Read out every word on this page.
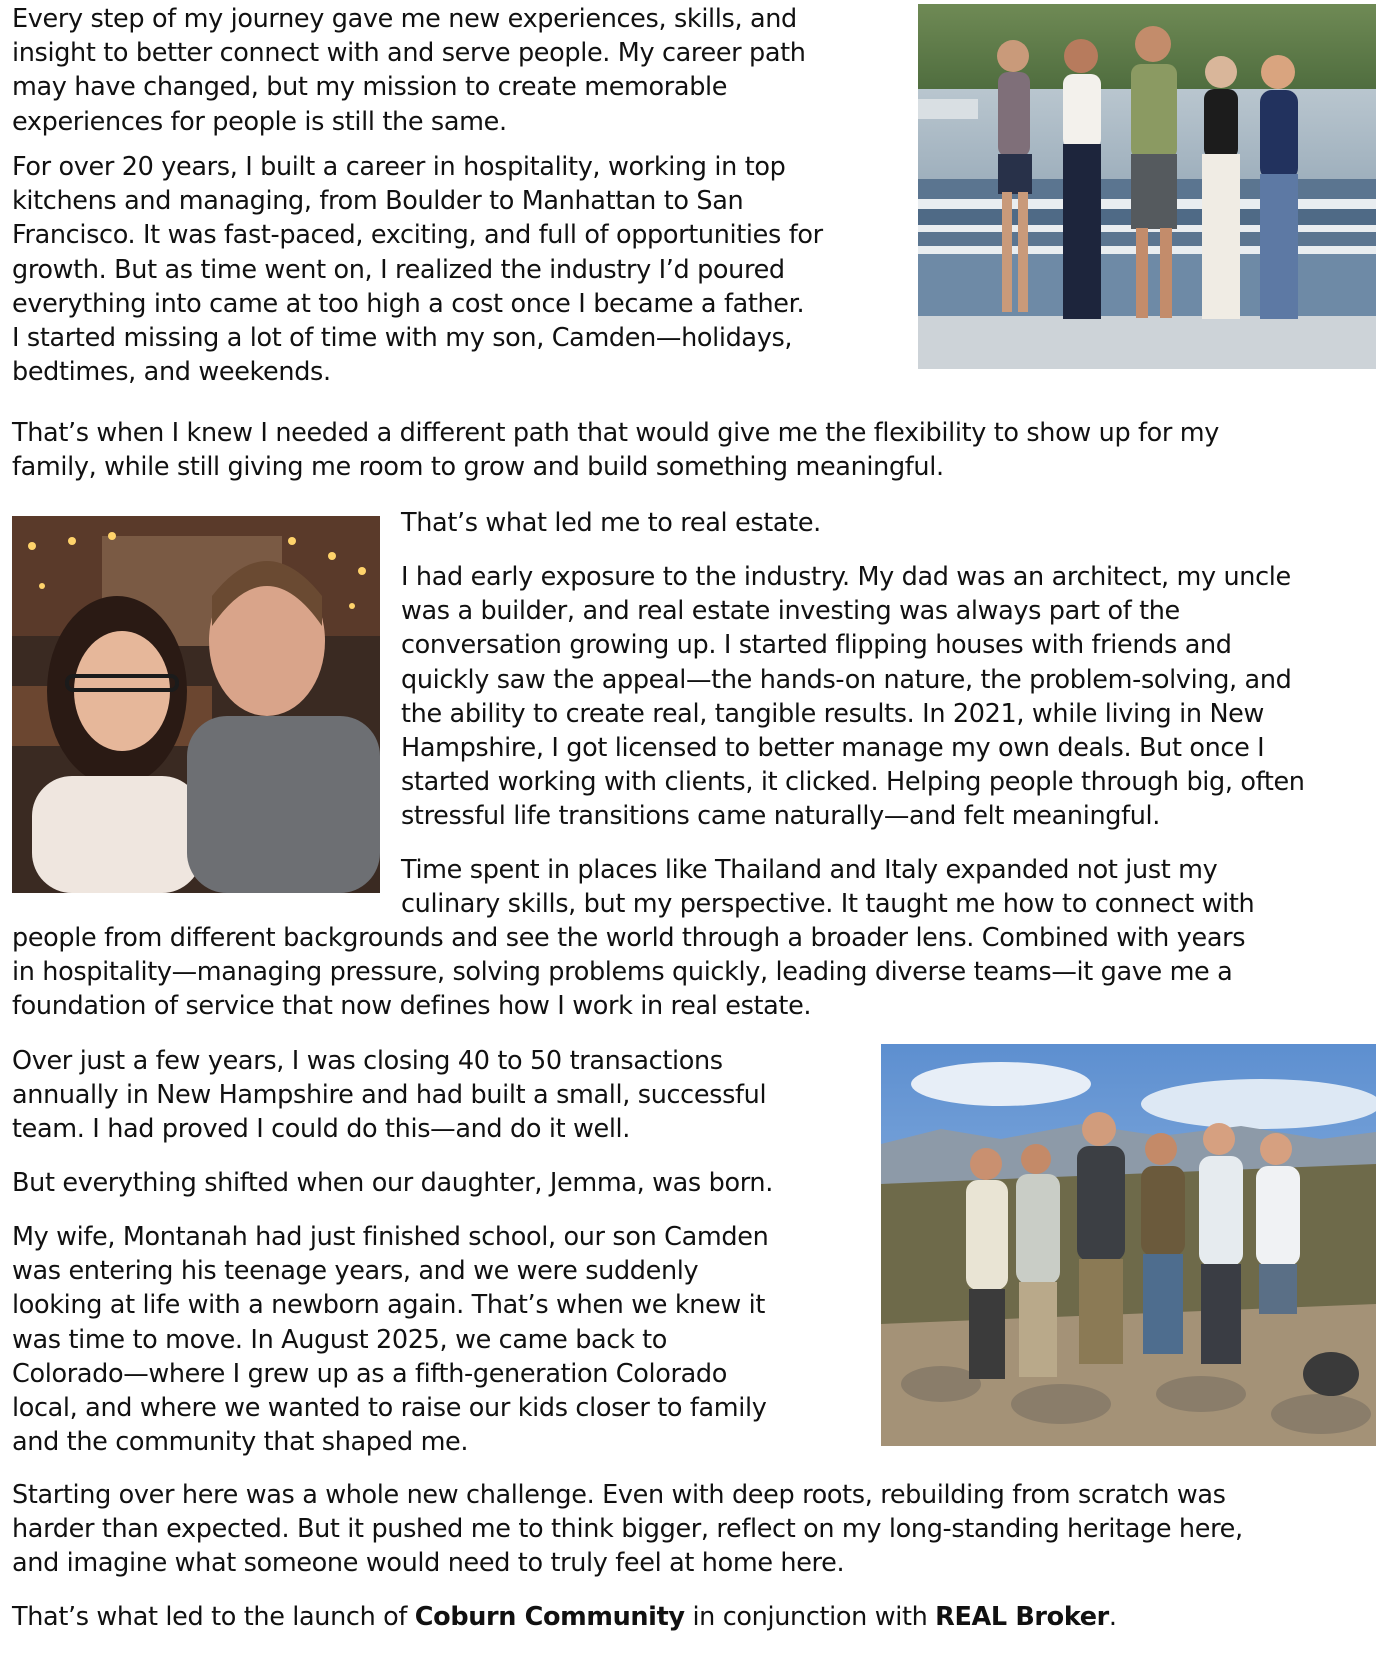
Every step of my journey gave me new experiences, skills, and
insight to better connect with and serve people. My career path
may have changed, but my mission to create memorable
experiences for people is still the same.
For over 20 years, I built a career in hospitality, working in top
kitchens and managing, from Boulder to Manhattan to San
Francisco. It was fast-paced, exciting, and full of opportunities for
growth. But as time went on, I realized the industry I’d poured
everything into came at too high a cost once I became a father.
I started missing a lot of time with my son, Camden—holidays,
bedtimes, and weekends.
That’s when I knew I needed a different path that would give me the flexibility to show up for my
family, while still giving me room to grow and build something meaningful.
That’s what led me to real estate.
I had early exposure to the industry. My dad was an architect, my uncle
was a builder, and real estate investing was always part of the
conversation growing up. I started flipping houses with friends and
quickly saw the appeal—the hands-on nature, the problem-solving, and
the ability to create real, tangible results. In 2021, while living in New
Hampshire, I got licensed to better manage my own deals. But once I
started working with clients, it clicked. Helping people through big, often
stressful life transitions came naturally—and felt meaningful.
Time spent in places like Thailand and Italy expanded not just my
culinary skills, but my perspective. It taught me how to connect with
people from different backgrounds and see the world through a broader lens. Combined with years
in hospitality—managing pressure, solving problems quickly, leading diverse teams—it gave me a
foundation of service that now defines how I work in real estate.
Over just a few years, I was closing 40 to 50 transactions
annually in New Hampshire and had built a small, successful
team. I had proved I could do this—and do it well.
But everything shifted when our daughter, Jemma, was born.
My wife, Montanah had just finished school, our son Camden
was entering his teenage years, and we were suddenly
looking at life with a newborn again. That’s when we knew it
was time to move. In August 2025, we came back to
Colorado—where I grew up as a fifth-generation Colorado
local, and where we wanted to raise our kids closer to family
and the community that shaped me.
Starting over here was a whole new challenge. Even with deep roots, rebuilding from scratch was
harder than expected. But it pushed me to think bigger, reflect on my long-standing heritage here,
and imagine what someone would need to truly feel at home here.
That’s what led to the launch of Coburn Community in conjunction with REAL Broker.
